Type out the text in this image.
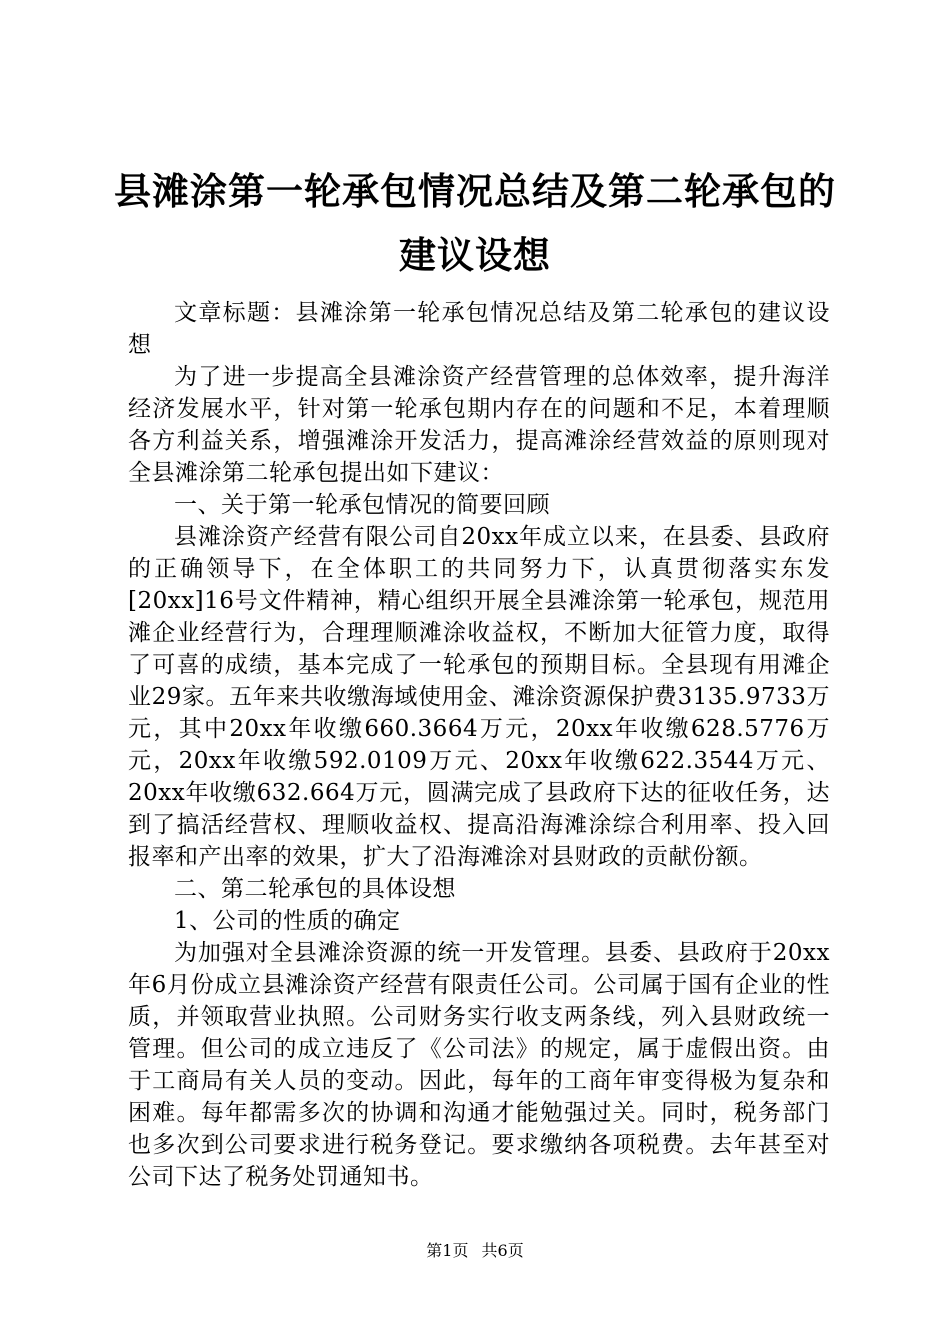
县滩涂第一轮承包情况总结及第二轮承包的建议设想

文章标题：县滩涂第一轮承包情况总结及第二轮承包的建议设想

为了进一步提高全县滩涂资产经营管理的总体效率，提升海洋经济发展水平，针对第一轮承包期内存在的问题和不足，本着理顺各方利益关系，增强滩涂开发活力，提高滩涂经营效益的原则现对全县滩涂第二轮承包提出如下建议：

一、关于第一轮承包情况的简要回顾

县滩涂资产经营有限公司自20xx年成立以来，在县委、县政府的正确领导下，在全体职工的共同努力下，认真贯彻落实东发[20xx]16号文件精神，精心组织开展全县滩涂第一轮承包，规范用滩企业经营行为，合理理顺滩涂收益权，不断加大征管力度，取得了可喜的成绩，基本完成了一轮承包的预期目标。全县现有用滩企业29家。五年来共收缴海域使用金、滩涂资源保护费3135.9733万元，其中20xx年收缴660.3664万元，20xx年收缴628.5776万元，20xx年收缴592.0109万元、20xx年收缴622.3544万元、20xx年收缴632.664万元，圆满完成了县政府下达的征收任务，达到了搞活经营权、理顺收益权、提高沿海滩涂综合利用率、投入回报率和产出率的效果，扩大了沿海滩涂对县财政的贡献份额。

二、第二轮承包的具体设想

1、公司的性质的确定

为加强对全县滩涂资源的统一开发管理。县委、县政府于20xx年6月份成立县滩涂资产经营有限责任公司。公司属于国有企业的性质，并领取营业执照。公司财务实行收支两条线，列入县财政统一管理。但公司的成立违反了《公司法》的规定，属于虚假出资。由于工商局有关人员的变动。因此，每年的工商年审变得极为复杂和困难。每年都需多次的协调和沟通才能勉强过关。同时，税务部门也多次到公司要求进行税务登记。要求缴纳各项税费。去年甚至对公司下达了税务处罚通知书。

第1页 共6页
